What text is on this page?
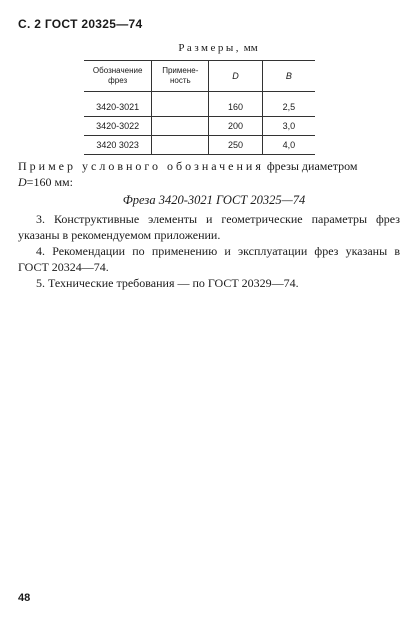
С. 2 ГОСТ 20325—74
Размеры, мм
Обозначение фрез	Примене-ность	D	B

3420-3021		160	2,5
3420-3022		200	3,0
3420 3023		250	4,0
Пример условного обозначения фрезы диаметром
D=160 мм:
Фреза 3420-3021 ГОСТ 20325—74
3. Конструктивные элементы и геометрические параметры фрез указаны в рекомендуемом приложении.
4. Рекомендации по применению и эксплуатации фрез указаны в ГОСТ 20324—74.
5. Технические требования — по ГОСТ 20329—74.
48
